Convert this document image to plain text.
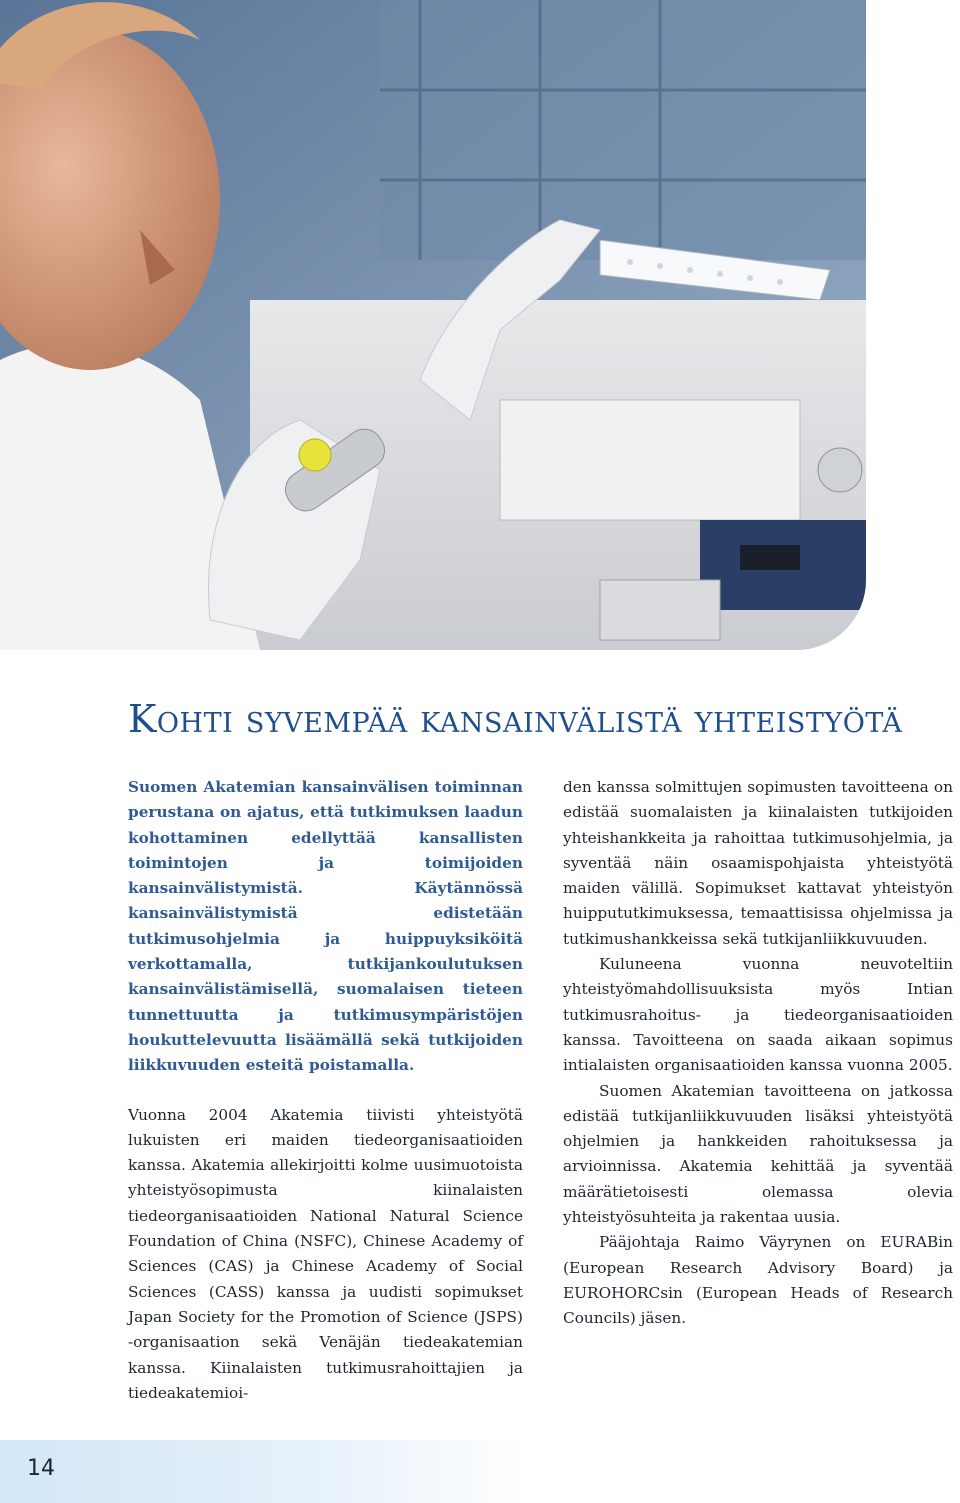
Kohti syvempää kansainvälistä yhteistyötä

Suomen Akatemian kansainvälisen toiminnan perustana on ajatus, että tutkimuksen laadun kohottaminen edellyttää kansallisten toimintojen ja toimijoiden kansainvälistymistä. Käytännössä kansainvälistymistä edistetään tutkimusohjelmia ja huippuyksiköitä verkottamalla, tutkijankoulutuksen kansainvälistämisellä, suomalaisen tieteen tunnettuutta ja tutkimusympäristöjen houkuttelevuutta lisäämällä sekä tutkijoiden liikkuvuuden esteitä poistamalla.

Vuonna 2004 Akatemia tiivisti yhteistyötä lukuisten eri maiden tiedeorganisaatioiden kanssa. Akatemia allekirjoitti kolme uusimuotoista yhteistyösopimusta kiinalaisten tiedeorganisaatioiden National Natural Science Foundation of China (NSFC), Chinese Academy of Sciences (CAS) ja Chinese Academy of Social Sciences (CASS) kanssa ja uudisti sopimukset Japan Society for the Promotion of Science (JSPS) -organisaation sekä Venäjän tiedeakatemian kanssa. Kiinalaisten tutkimusrahoittajien ja tiedeakatemioi-

den kanssa solmittujen sopimusten tavoitteena on edistää suomalaisten ja kiinalaisten tutkijoiden yhteishankkeita ja rahoittaa tutkimusohjelmia, ja syventää näin osaamispohjaista yhteistyötä maiden välillä. Sopimukset kattavat yhteistyön huippututkimuksessa, temaattisissa ohjelmissa ja tutkimushankkeissa sekä tutkijanliikkuvuuden.

Kuluneena vuonna neuvoteltiin yhteistyömahdollisuuksista myös Intian tutkimusrahoitus- ja tiedeorganisaatioiden kanssa. Tavoitteena on saada aikaan sopimus intialaisten organisaatioiden kanssa vuonna 2005.

Suomen Akatemian tavoitteena on jatkossa edistää tutkijanliikkuvuuden lisäksi yhteistyötä ohjelmien ja hankkeiden rahoituksessa ja arvioinnissa. Akatemia kehittää ja syventää määrätietoisesti olemassa olevia yhteistyösuhteita ja rakentaa uusia.

Pääjohtaja Raimo Väyrynen on EURABin (European Research Advisory Board) ja EUROHORCsin (European Heads of Research Councils) jäsen.

14
